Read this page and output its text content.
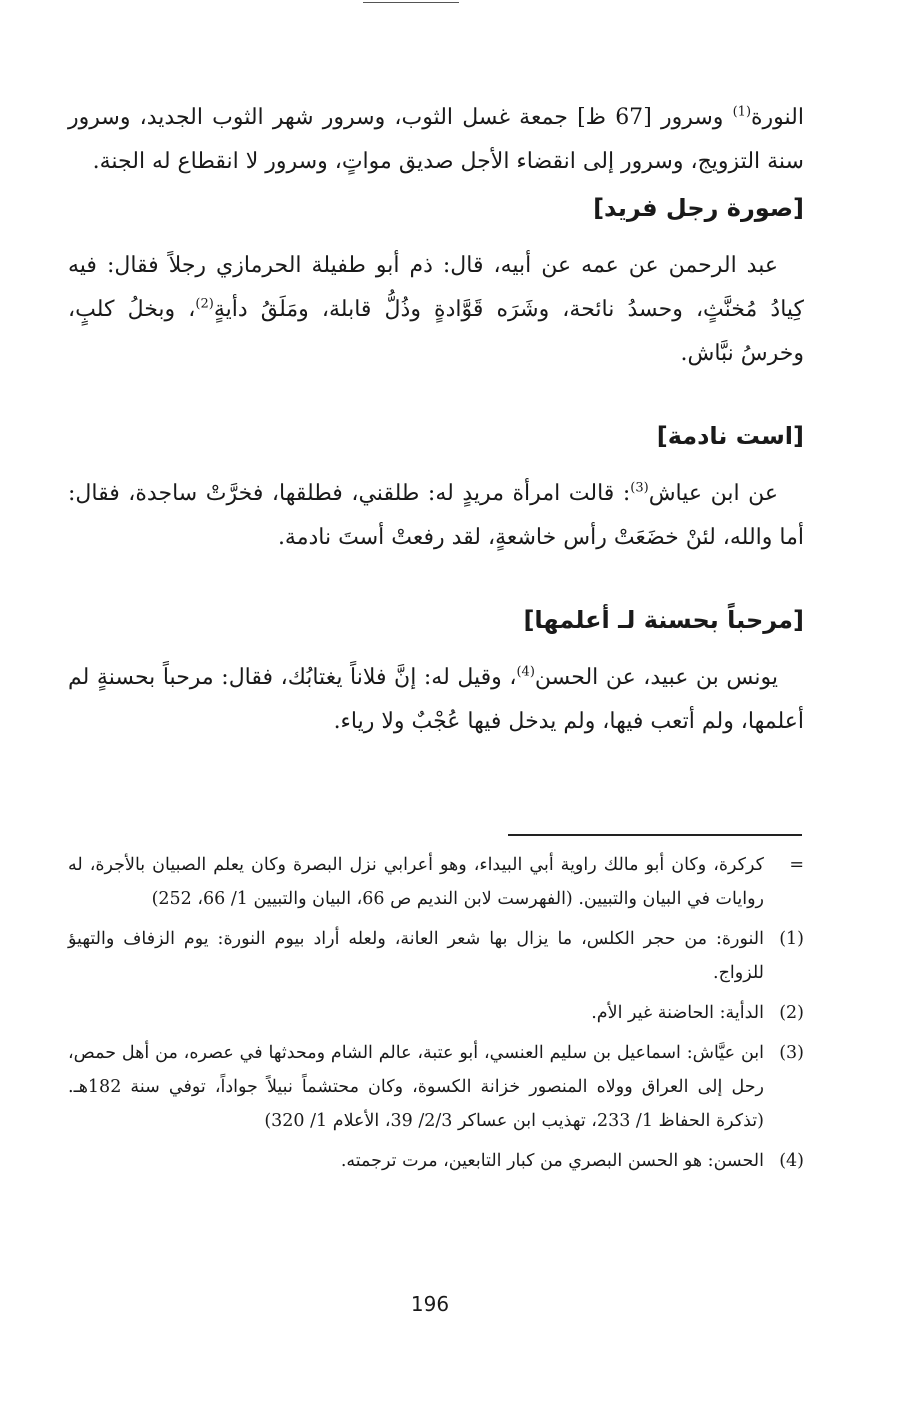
النورة$^{(1)}$ وسرور [67 ظ] جمعة غسل الثوب، وسرور شهر الثوب الجديد، وسرور سنة التزويج، وسرور إلى انقضاء الأجل صديق مواتٍ، وسرور لا انقطاع له الجنة.

[صورة رجل فريد]

عبد الرحمن عن عمه عن أبيه، قال: ذم أبو طفيلة الحرمازي رجلاً فقال: فيه كِيادُ مُخنَّثٍ، وحسدُ نائحة، وشَرَه قَوَّادةٍ وذُلُّ قابلة، ومَلَقُ دأيةٍ$^{(2)}$، وبخلُ كلبٍ، وخرسُ نبَّاش.

[است نادمة]

عن ابن عياش$^{(3)}$: قالت امرأة مريدٍ له: طلقني، فطلقها، فخرَّتْ ساجدة، فقال: أما والله، لئنْ خضَعَتْ رأس خاشعةٍ، لقد رفعتْ أستَ نادمة.

[مرحباً بحسنة لـ أعلمها]

يونس بن عبيد، عن الحسن$^{(4)}$، وقيل له: إنَّ فلاناً يغتابُك، فقال: مرحباً بحسنةٍ لم أعلمها، ولم أتعب فيها، ولم يدخل فيها عُجْبٌ ولا رياء.

=
كركرة، وكان أبو مالك راوية أبي البيداء، وهو أعرابي نزل البصرة وكان يعلم الصبيان بالأجرة، له روايات في البيان والتبيين. (الفهرست لابن النديم ص 66، البيان والتبيين 1/ 66، 252)
(1)
النورة: من حجر الكلس، ما يزال بها شعر العانة، ولعله أراد بيوم النورة: يوم الزفاف والتهيؤ للزواج.
(2)
الدأية: الحاضنة غير الأم.
(3)
ابن عيَّاش: اسماعيل بن سليم العنسي، أبو عتبة، عالم الشام ومحدثها في عصره، من أهل حمص، رحل إلى العراق وولاه المنصور خزانة الكسوة، وكان محتشماً نبيلاً جواداً، توفي سنة 182هـ. (تذكرة الحفاظ 1/ 233، تهذيب ابن عساكر 2/3/ 39، الأعلام 1/ 320)
(4)
الحسن: هو الحسن البصري من كبار التابعين، مرت ترجمته.
196
